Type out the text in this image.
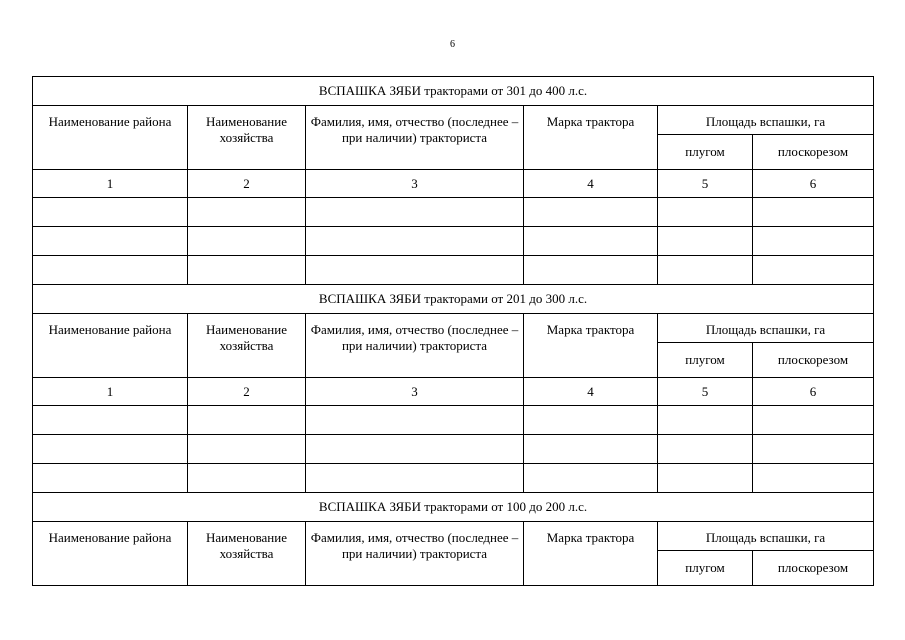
6
ВСПАШКА ЗЯБИ тракторами от 301 до 400 л.с.					
Наименование района	Наименование хозяйства	Фамилия, имя, отчество (последнее – при наличии) тракториста	Марка трактора	Площадь вспашки, га	
				плугом	плоскорезом
1	2	3	4	5	6

ВСПАШКА ЗЯБИ тракторами от 201 до 300 л.с.					
Наименование района	Наименование хозяйства	Фамилия, имя, отчество (последнее – при наличии) тракториста	Марка трактора	Площадь вспашки, га	
				плугом	плоскорезом
1	2	3	4	5	6

ВСПАШКА ЗЯБИ тракторами от 100 до 200 л.с.					
Наименование района	Наименование хозяйства	Фамилия, имя, отчество (последнее – при наличии) тракториста	Марка трактора	Площадь вспашки, га	
				плугом	плоскорезом
